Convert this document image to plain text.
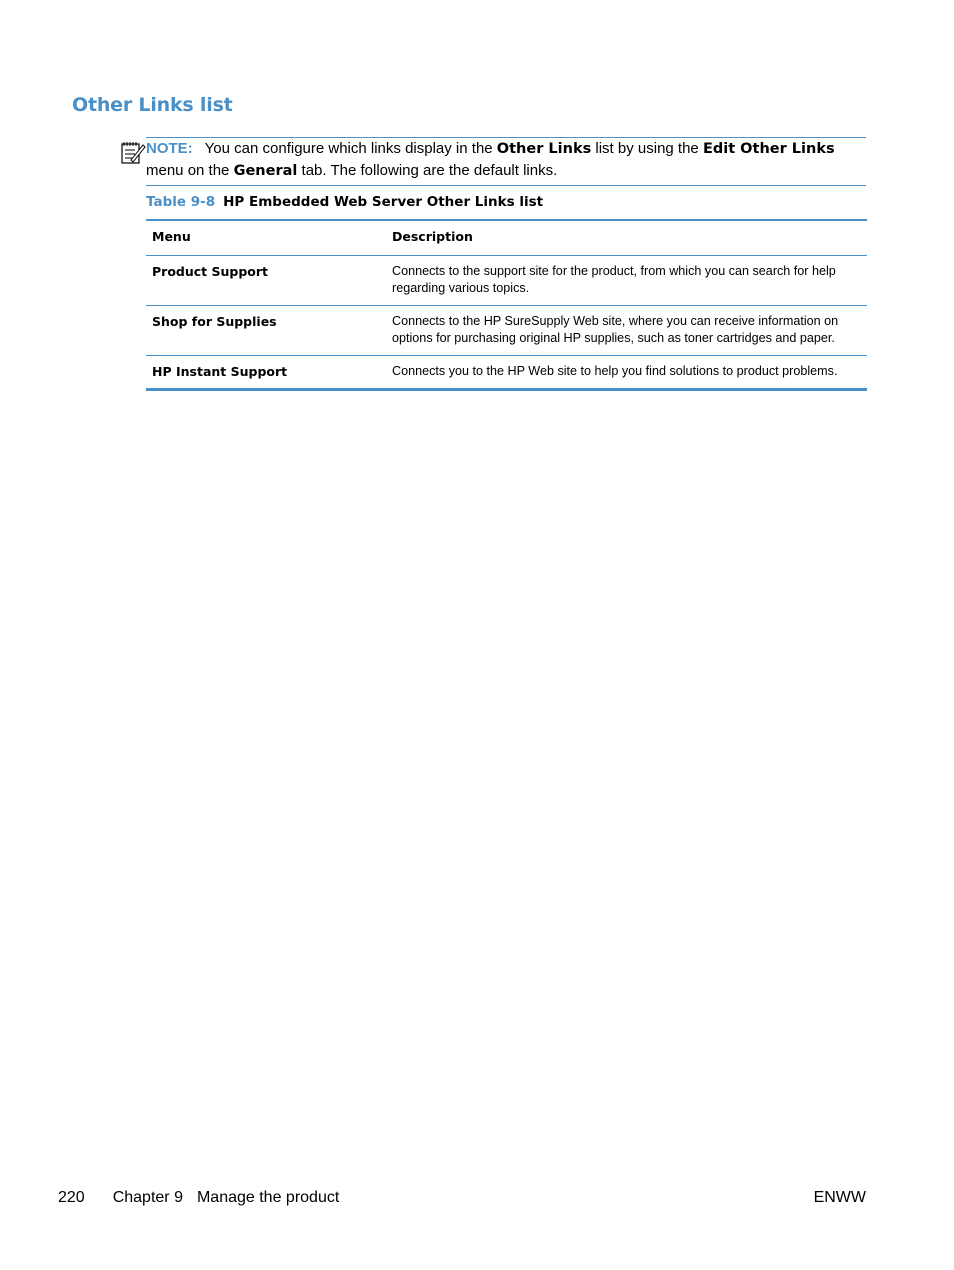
Other Links list
NOTE: You can configure which links display in the Other Links list by using the Edit Other Links menu on the General tab. The following are the default links.
Table 9-8 HP Embedded Web Server Other Links list
Menu	Description
Product Support	Connects to the support site for the product, from which you can search for help regarding various topics.
Shop for Supplies	Connects to the HP SureSupply Web site, where you can receive information on options for purchasing original HP supplies, such as toner cartridges and paper.
HP Instant Support	Connects you to the HP Web site to help you find solutions to product problems.
220 Chapter 9 Manage the product	ENWW
